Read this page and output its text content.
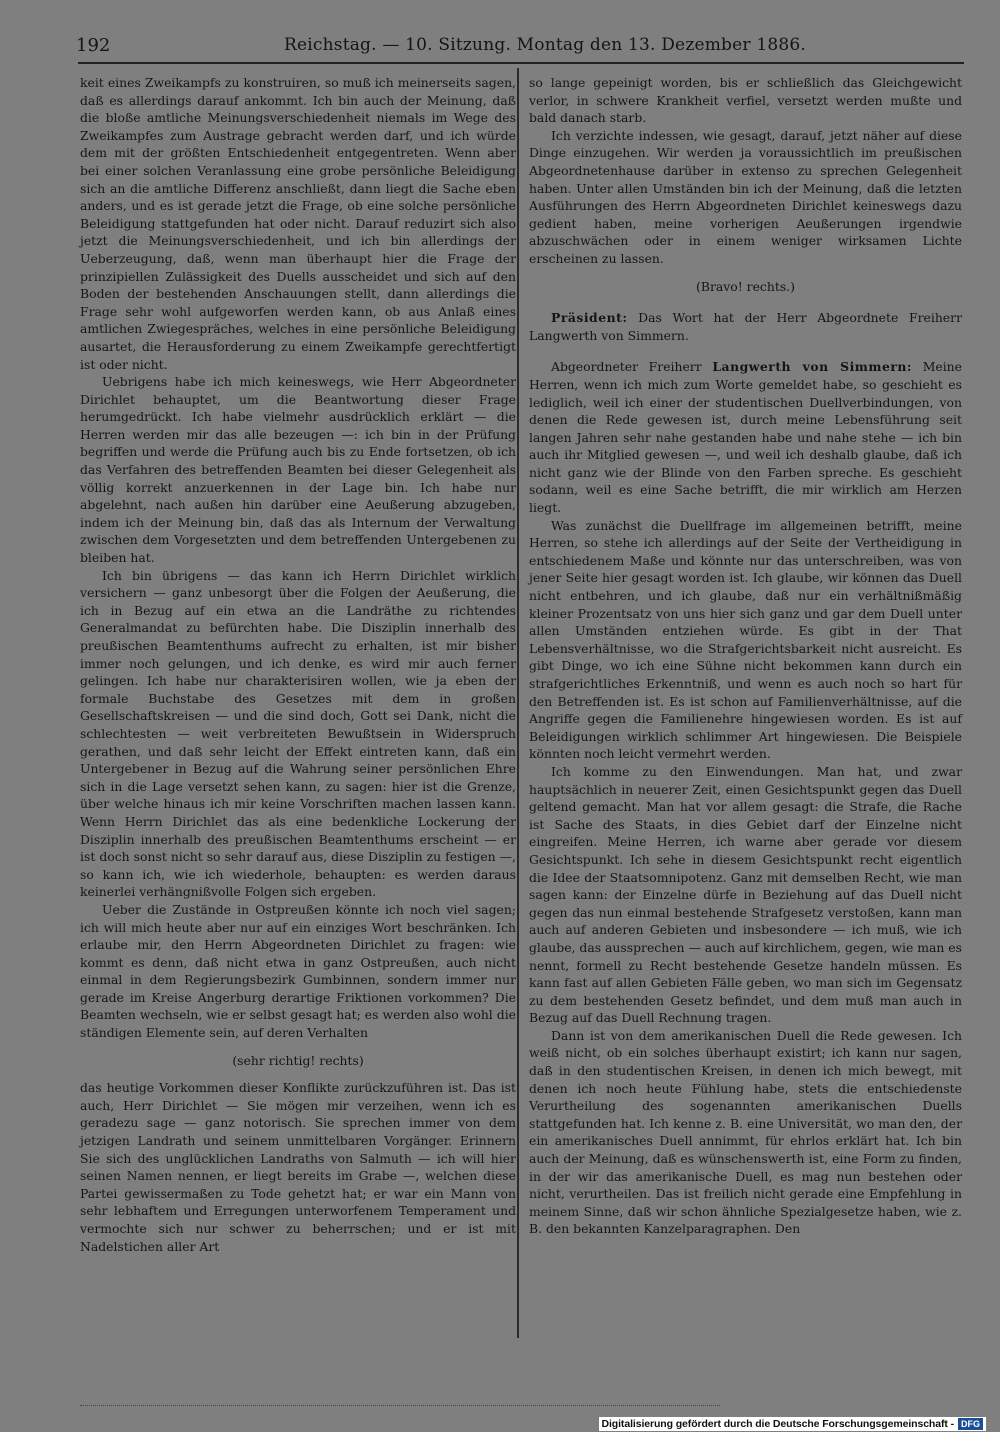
192	Reichstag. — 10. Sitzung. Montag den 13. Dezember 1886.

keit eines Zweikampfs zu konstruiren, so muß ich meinerseits sagen, daß es allerdings darauf ankommt. Ich bin auch der Meinung, daß die bloße amtliche Meinungsverschiedenheit niemals im Wege des Zweikampfes zum Austrage gebracht werden darf, und ich würde dem mit der größten Entschiedenheit entgegentreten. Wenn aber bei einer solchen Veranlassung eine grobe persönliche Beleidigung sich an die amtliche Differenz anschließt, dann liegt die Sache eben anders, und es ist gerade jetzt die Frage, ob eine solche persönliche Beleidigung stattgefunden hat oder nicht. Darauf reduzirt sich also jetzt die Meinungsverschiedenheit, und ich bin allerdings der Ueberzeugung, daß, wenn man überhaupt hier die Frage der prinzipiellen Zulässigkeit des Duells ausscheidet und sich auf den Boden der bestehenden Anschauungen stellt, dann allerdings die Frage sehr wohl aufgeworfen werden kann, ob aus Anlaß eines amtlichen Zwiegespräches, welches in eine persönliche Beleidigung ausartet, die Herausforderung zu einem Zweikampfe gerechtfertigt ist oder nicht.

Uebrigens habe ich mich keineswegs, wie Herr Abgeordneter Dirichlet behauptet, um die Beantwortung dieser Frage herumgedrückt. Ich habe vielmehr ausdrücklich erklärt — die Herren werden mir das alle bezeugen —: ich bin in der Prüfung begriffen und werde die Prüfung auch bis zu Ende fortsetzen, ob ich das Verfahren des betreffenden Beamten bei dieser Gelegenheit als völlig korrekt anzuerkennen in der Lage bin. Ich habe nur abgelehnt, nach außen hin darüber eine Aeußerung abzugeben, indem ich der Meinung bin, daß das als Internum der Verwaltung zwischen dem Vorgesetzten und dem betreffenden Untergebenen zu bleiben hat.

Ich bin übrigens — das kann ich Herrn Dirichlet wirklich versichern — ganz unbesorgt über die Folgen der Aeußerung, die ich in Bezug auf ein etwa an die Landräthe zu richtendes Generalmandat zu befürchten habe. Die Disziplin innerhalb des preußischen Beamtenthums aufrecht zu erhalten, ist mir bisher immer noch gelungen, und ich denke, es wird mir auch ferner gelingen. Ich habe nur charakterisiren wollen, wie ja eben der formale Buchstabe des Gesetzes mit dem in großen Gesellschaftskreisen — und die sind doch, Gott sei Dank, nicht die schlechtesten — weit verbreiteten Bewußtsein in Widerspruch gerathen, und daß sehr leicht der Effekt eintreten kann, daß ein Untergebener in Bezug auf die Wahrung seiner persönlichen Ehre sich in die Lage versetzt sehen kann, zu sagen: hier ist die Grenze, über welche hinaus ich mir keine Vorschriften machen lassen kann. Wenn Herrn Dirichlet das als eine bedenkliche Lockerung der Disziplin innerhalb des preußischen Beamtenthums erscheint — er ist doch sonst nicht so sehr darauf aus, diese Disziplin zu festigen —, so kann ich, wie ich wiederhole, behaupten: es werden daraus keinerlei verhängnißvolle Folgen sich ergeben.

Ueber die Zustände in Ostpreußen könnte ich noch viel sagen; ich will mich heute aber nur auf ein einziges Wort beschränken. Ich erlaube mir, den Herrn Abgeordneten Dirichlet zu fragen: wie kommt es denn, daß nicht etwa in ganz Ostpreußen, auch nicht einmal in dem Regierungsbezirk Gumbinnen, sondern immer nur gerade im Kreise Angerburg derartige Friktionen vorkommen? Die Beamten wechseln, wie er selbst gesagt hat; es werden also wohl die ständigen Elemente sein, auf deren Verhalten

(sehr richtig! rechts)

das heutige Vorkommen dieser Konflikte zurückzuführen ist. Das ist auch, Herr Dirichlet — Sie mögen mir verzeihen, wenn ich es geradezu sage — ganz notorisch. Sie sprechen immer von dem jetzigen Landrath und seinem unmittelbaren Vorgänger. Erinnern Sie sich des unglücklichen Landraths von Salmuth — ich will hier seinen Namen nennen, er liegt bereits im Grabe —, welchen diese Partei gewissermaßen zu Tode gehetzt hat; er war ein Mann von sehr lebhaftem und Erregungen unterworfenem Temperament und vermochte sich nur schwer zu beherrschen; und er ist mit Nadelstichen aller Art

so lange gepeinigt worden, bis er schließlich das Gleichgewicht verlor, in schwere Krankheit verfiel, versetzt werden mußte und bald danach starb.

Ich verzichte indessen, wie gesagt, darauf, jetzt näher auf diese Dinge einzugehen. Wir werden ja voraussichtlich im preußischen Abgeordnetenhause darüber in extenso zu sprechen Gelegenheit haben. Unter allen Umständen bin ich der Meinung, daß die letzten Ausführungen des Herrn Abgeordneten Dirichlet keineswegs dazu gedient haben, meine vorherigen Aeußerungen irgendwie abzuschwächen oder in einem weniger wirksamen Lichte erscheinen zu lassen.

(Bravo! rechts.)

Präsident: Das Wort hat der Herr Abgeordnete Freiherr Langwerth von Simmern.

Abgeordneter Freiherr Langwerth von Simmern: Meine Herren, wenn ich mich zum Worte gemeldet habe, so geschieht es lediglich, weil ich einer der studentischen Duellverbindungen, von denen die Rede gewesen ist, durch meine Lebensführung seit langen Jahren sehr nahe gestanden habe und nahe stehe — ich bin auch ihr Mitglied gewesen —, und weil ich deshalb glaube, daß ich nicht ganz wie der Blinde von den Farben spreche. Es geschieht sodann, weil es eine Sache betrifft, die mir wirklich am Herzen liegt.

Was zunächst die Duellfrage im allgemeinen betrifft, meine Herren, so stehe ich allerdings auf der Seite der Vertheidigung in entschiedenem Maße und könnte nur das unterschreiben, was von jener Seite hier gesagt worden ist. Ich glaube, wir können das Duell nicht entbehren, und ich glaube, daß nur ein verhältnißmäßig kleiner Prozentsatz von uns hier sich ganz und gar dem Duell unter allen Umständen entziehen würde. Es gibt in der That Lebensverhältnisse, wo die Strafgerichtsbarkeit nicht ausreicht. Es gibt Dinge, wo ich eine Sühne nicht bekommen kann durch ein strafgerichtliches Erkenntniß, und wenn es auch noch so hart für den Betreffenden ist. Es ist schon auf Familienverhältnisse, auf die Angriffe gegen die Familienehre hingewiesen worden. Es ist auf Beleidigungen wirklich schlimmer Art hingewiesen. Die Beispiele könnten noch leicht vermehrt werden.

Ich komme zu den Einwendungen. Man hat, und zwar hauptsächlich in neuerer Zeit, einen Gesichtspunkt gegen das Duell geltend gemacht. Man hat vor allem gesagt: die Strafe, die Rache ist Sache des Staats, in dies Gebiet darf der Einzelne nicht eingreifen. Meine Herren, ich warne aber gerade vor diesem Gesichtspunkt. Ich sehe in diesem Gesichtspunkt recht eigentlich die Idee der Staatsomnipotenz. Ganz mit demselben Recht, wie man sagen kann: der Einzelne dürfe in Beziehung auf das Duell nicht gegen das nun einmal bestehende Strafgesetz verstoßen, kann man auch auf anderen Gebieten und insbesondere — ich muß, wie ich glaube, das aussprechen — auch auf kirchlichem, gegen, wie man es nennt, formell zu Recht bestehende Gesetze handeln müssen. Es kann fast auf allen Gebieten Fälle geben, wo man sich im Gegensatz zu dem bestehenden Gesetz befindet, und dem muß man auch in Bezug auf das Duell Rechnung tragen.

Dann ist von dem amerikanischen Duell die Rede gewesen. Ich weiß nicht, ob ein solches überhaupt existirt; ich kann nur sagen, daß in den studentischen Kreisen, in denen ich mich bewegt, mit denen ich noch heute Fühlung habe, stets die entschiedenste Verurtheilung des sogenannten amerikanischen Duells stattgefunden hat. Ich kenne z. B. eine Universität, wo man den, der ein amerikanisches Duell annimmt, für ehrlos erklärt hat. Ich bin auch der Meinung, daß es wünschenswerth ist, eine Form zu finden, in der wir das amerikanische Duell, es mag nun bestehen oder nicht, verurtheilen. Das ist freilich nicht gerade eine Empfehlung in meinem Sinne, daß wir schon ähnliche Spezialgesetze haben, wie z. B. den bekannten Kanzelparagraphen. Den

Digitalisierung gefördert durch die Deutsche Forschungsgemeinschaft - DFG
